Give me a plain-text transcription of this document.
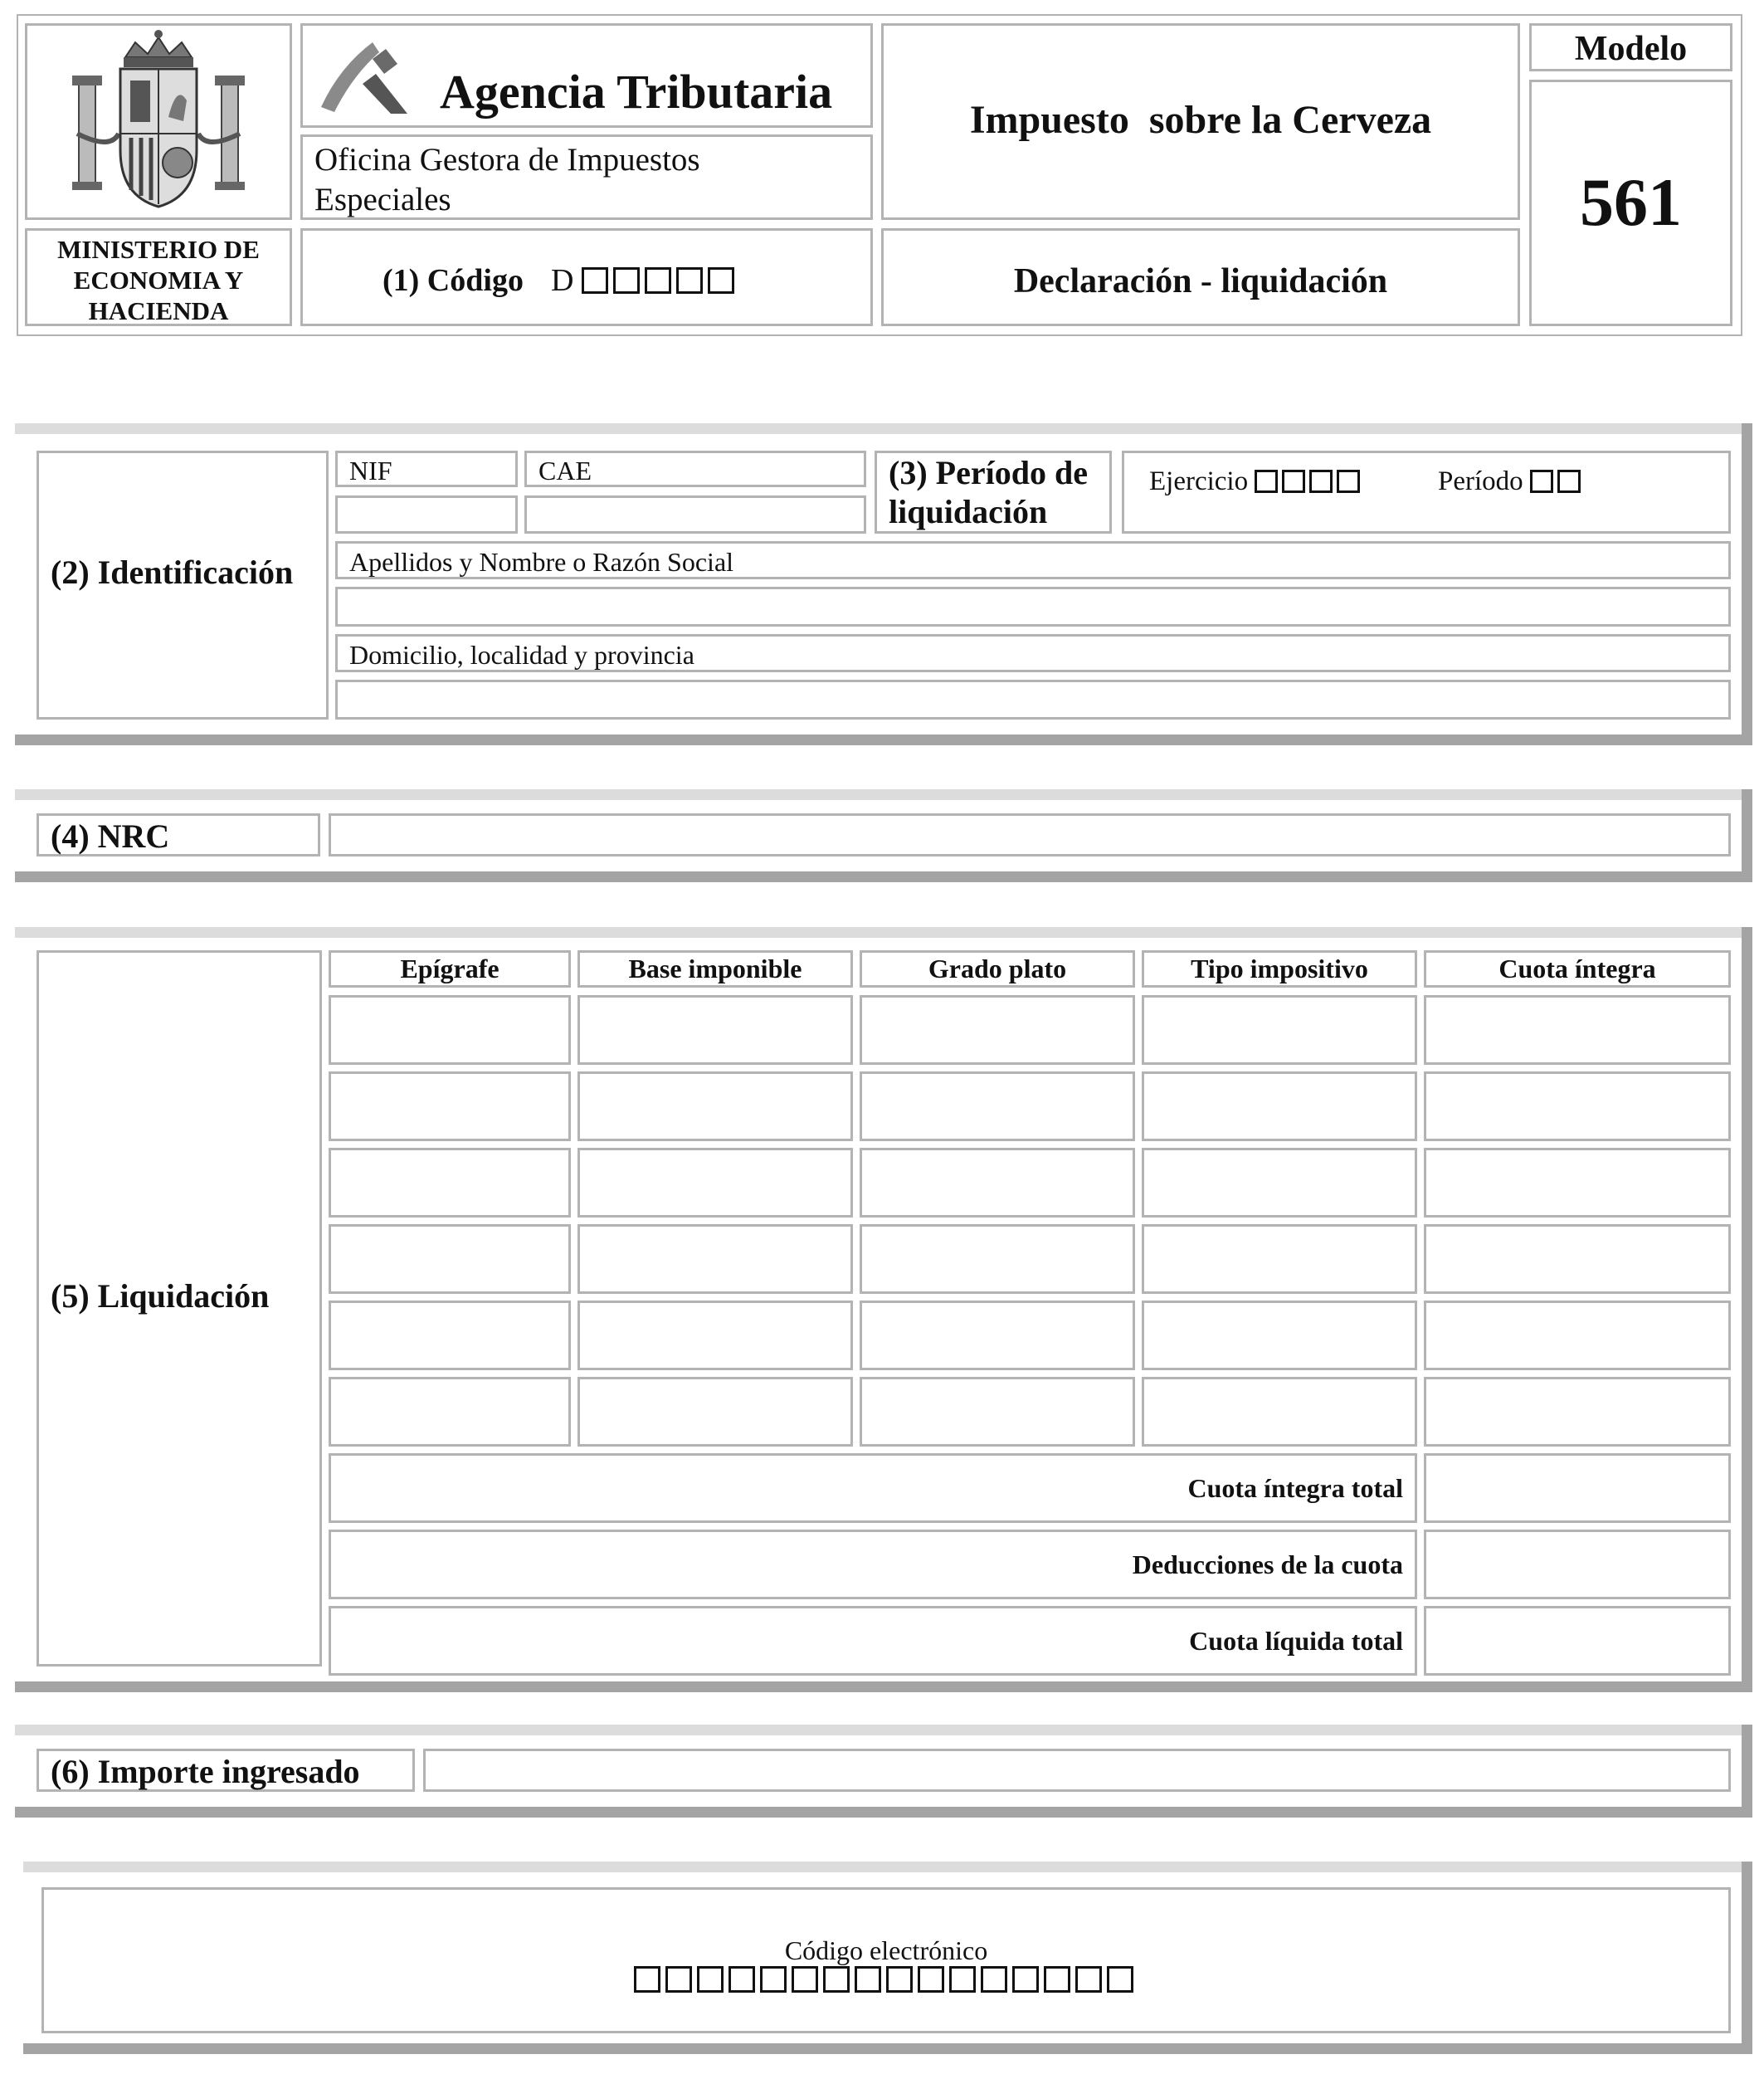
MINISTERIO DE
ECONOMIA Y
HACIENDA
Agencia Tributaria
Oficina Gestora de Impuestos
Especiales
(1) Código D
Impuesto  sobre la Cerveza
Declaración - liquidación
Modelo
561
(2) Identificación
NIF	CAE	(3) Período de
liquidación
Ejercicio	Período
Apellidos y Nombre o Razón Social
Domicilio, localidad y provincia
(4) NRC
(5) Liquidación
Epígrafe	Base imponible	Grado plato	Tipo impositivo	Cuota íntegra
Cuota íntegra total
Deducciones de la cuota
Cuota líquida total
(6) Importe ingresado
Código electrónico
